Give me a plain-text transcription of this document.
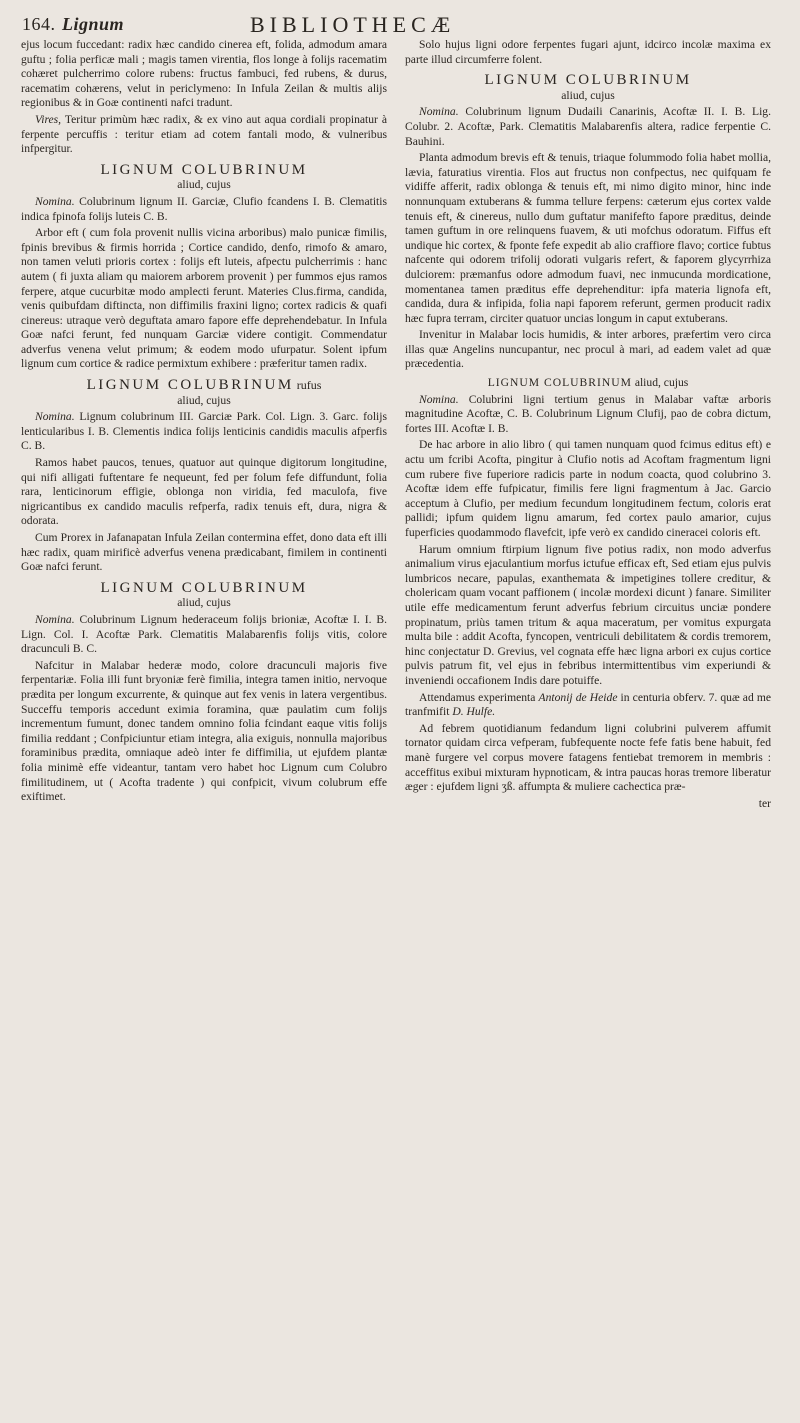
164. Lignum	BIBLIOTHECÆ

ejus locum fuccedant: radix hæc candido cinerea eft, folida, admodum amara guftu ; folia perficæ mali ; magis tamen virentia, flos longe à folijs racematim cohæret pulcherrimo colore rubens: fructus fambuci, fed rubens, & durus, racematim cohærens, velut in periclymeno: In Infula Zeilan & multis alijs regionibus & in Goæ continenti nafci tradunt.

Vires, Teritur primùm hæc radix, & ex vino aut aqua cordiali propinatur à ferpente percuffis : teritur etiam ad cotem fantali modo, & vulneribus infpergitur.

LIGNUM COLUBRINUM
aliud, cujus

Nomina. Colubrinum lignum II. Garciæ, Clufio fcandens I. B. Clematitis indica fpinofa folijs luteis C. B.

Arbor eft ( cum fola provenit nullis vicina arboribus) malo punicæ fimilis, fpinis brevibus & firmis horrida ; Cortice candido, denfo, rimofo & amaro, non tamen veluti prioris cortex : folijs eft luteis, afpectu pulcherrimis : hanc autem ( fi juxta aliam qu maiorem arborem provenit ) per fummos ejus ramos ferpere, atque cucurbitæ modo amplecti ferunt. Materies Clus.firma, candida, venis quibufdam diftincta, non diffimilis fraxini ligno; cortex radicis & quafi cinereus: utraque verò deguftata amaro fapore effe deprehendebatur. In Infula Goæ nafci ferunt, fed nunquam Garciæ videre contigit. Commendatur adverfus venena velut primum; & eodem modo ufurpatur. Solent ipfum lignum cum cortice & radice permixtum exhibere : præferitur tamen radix.

LIGNUM COLUBRINUM rufus
aliud, cujus

Nomina. Lignum colubrinum III. Garciæ Park. Col. Lign. 3. Garc. folijs lenticularibus I. B. Clementis indica folijs lenticinis candidis maculis afperfis C. B.

Ramos habet paucos, tenues, quatuor aut quinque digitorum longitudine, qui nifi alligati fuftentare fe nequeunt, fed per folum fefe diffundunt, folia rara, lenticinorum effigie, oblonga non viridia, fed maculofa, five nigricantibus ex candido maculis refperfa, radix tenuis eft, dura, nigra & odorata.

Cum Prorex in Jafanapatan Infula Zeilan contermina effet, dono data eft illi hæc radix, quam mirificè adverfus venena prædicabant, fimilem in continenti Goæ nafci ferunt.

LIGNUM COLUBRINUM
aliud, cujus

Nomina. Colubrinum Lignum hederaceum folijs brioniæ, Acoftæ I. I. B. Lign. Col. I. Acoftæ Park. Clematitis Malabarenfis folijs vitis, colore dracunculi B. C.

Nafcitur in Malabar hederæ modo, colore dracunculi majoris five ferpentariæ. Folia illi funt bryoniæ ferè fimilia, integra tamen initio, nervoque prædita per longum excurrente, & quinque aut fex venis in latera vergentibus. Succeffu temporis accedunt eximia foramina, quæ paulatim cum folijs incrementum fumunt, donec tandem omnino folia fcindant eaque vitis folijs fimilia reddant ; Confpiciuntur etiam integra, alia exiguis, nonnulla majoribus foraminibus prædita, omniaque adeò inter fe diffimilia, ut ejufdem plantæ folia minimè effe videantur, tantam vero habet hoc Lignum cum Colubro fimilitudinem, ut ( Acofta tradente ) qui confpicit, vivum colubrum effe exiftimet.

Solo hujus ligni odore ferpentes fugari ajunt, idcirco incolæ maxima ex parte illud circumferre folent.

LIGNUM COLUBRINUM
aliud, cujus

Nomina. Colubrinum lignum Dudaili Canarinis, Acoftæ II. I. B. Lig. Colubr. 2. Acoftæ, Park. Clematitis Malabarenfis altera, radice ferpentie C. Bauhini.

Planta admodum brevis eft & tenuis, triaque folummodo folia habet mollia, lævia, faturatius virentia. Flos aut fructus non confpectus, nec quifquam fe vidiffe afferit, radix oblonga & tenuis eft, mi nimo digito minor, hinc inde nonnunquam extuberans & fumma tellure ferpens: cæterum ejus cortex valde tenuis eft, & cinereus, nullo dum guftatur manifefto fapore præditus, deinde tamen guftum in ore relinquens fuavem, & uti mofchus odoratum. Fiffus eft undique hic cortex, & fponte fefe expedit ab alio craffiore flavo; cortice fubtus nafcente qui odorem trifolij odorati vulgaris refert, & faporem glycyrrhiza dulciorem: præmanfus odore admodum fuavi, nec inmucunda mordicatione, momentanea tamen præditus effe deprehenditur: ipfa materia lignofa eft, candida, dura & infipida, folia napi faporem referunt, germen producit radix hæc fupra terram, circiter quatuor uncias longum in caput extuberans.

Invenitur in Malabar locis humidis, & inter arbores, præfertim vero circa illas quæ Angelins nuncupantur, nec procul à mari, ad eadem valet ad quæ præcedentia.

LIGNUM COLUBRINUM aliud, cujus

Nomina. Colubrini ligni tertium genus in Malabar vaftæ arboris magnitudine Acoftæ, C. B. Colubrinum Lignum Clufij, pao de cobra dictum, fortes III. Acoftæ I. B.

De hac arbore in alio libro ( qui tamen nunquam quod fcimus editus eft) e actu um fcribi Acofta, pingitur à Clufio notis ad Acoftam fragmentum ligni cum rubere five fuperiore radicis parte in nodum coacta, quod colubrino 3. Acoftæ idem effe fufpicatur, fimilis fere ligni fragmentum à Jac. Garcio acceptum à Clufio, per medium fecundum longitudinem fectum, coloris erat pallidi; ipfum quidem lignu amarum, fed cortex paulo amarior, cujus fuperficies quodammodo flavefcit, ipfe verò ex candido cineracei coloris eft.

Harum omnium ftirpium lignum five potius radix, non modo adverfus animalium virus ejaculantium morfus ictufue efficax eft, Sed etiam ejus pulvis lumbricos necare, papulas, exanthemata & impetigines tollere creditur, & cholericam quam vocant paffionem ( incolæ mordexi dicunt ) fanare. Similiter utile effe medicamentum ferunt adverfus febrium circuitus unciæ pondere propinatum, priùs tamen tritum & aqua maceratum, per vomitus expurgata multa bile : addit Acofta, fyncopen, ventriculi debilitatem & cordis tremorem, hinc conjectatur D. Grevius, vel cognata effe hæc ligna arbori ex cujus cortice pulvis patrum fit, vel ejus in febribus intermittentibus vim experiundi & inveniendi occafionem Indis dare potuiffe.

Attendamus experimenta Antonij de Heide in centuria obferv. 7. quæ ad me tranfmifit D. Hulfe.

Ad febrem quotidianum fedandum ligni colubrini pulverem affumit tornator quidam circa vefperam, fubfequente nocte fefe fatis bene habuit, fed manè furgere vel corpus movere fatagens fentiebat tremorem in membris : acceffitus exibui mixturam hypnoticam, & intra paucas horas tremore liberatur æger : ejufdem ligni ʒß. affumpta & muliere cachectica præ-

ter
